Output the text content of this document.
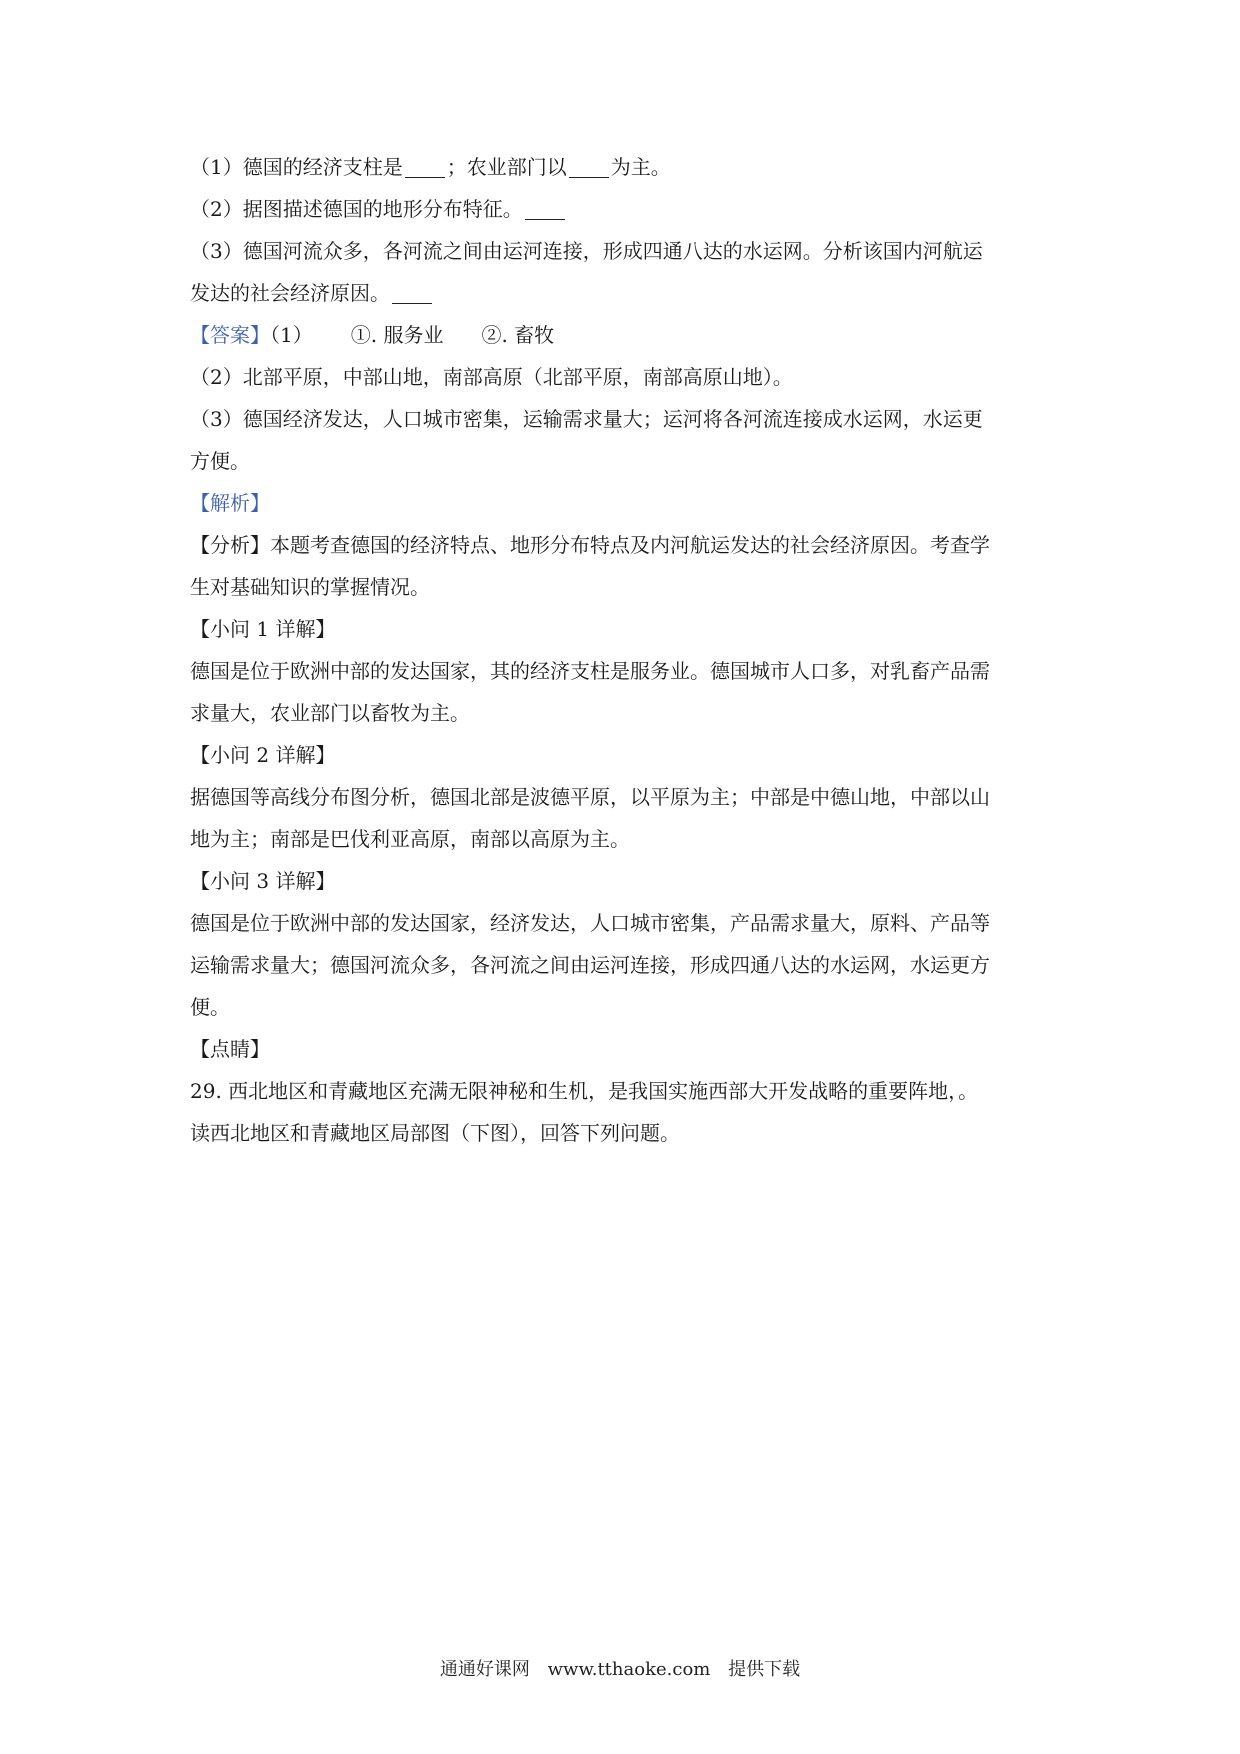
（1）德国的经济支柱是 ；农业部门以 为主。
（2）据图描述德国的地形分布特征。
（3）德国河流众多，各河流之间由运河连接，形成四通八达的水运网。分析该国内河航运
发达的社会经济原因。
【答案】（1） ①. 服务业 ②. 畜牧
（2）北部平原，中部山地，南部高原（北部平原，南部高原山地）。
（3）德国经济发达，人口城市密集，运输需求量大；运河将各河流连接成水运网，水运更
方便。
【解析】
【分析】本题考查德国的经济特点、地形分布特点及内河航运发达的社会经济原因。考查学
生对基础知识的掌握情况。
【小问 1 详解】
德国是位于欧洲中部的发达国家，其的经济支柱是服务业。德国城市人口多，对乳畜产品需
求量大，农业部门以畜牧为主。
【小问 2 详解】
据德国等高线分布图分析，德国北部是波德平原，以平原为主；中部是中德山地，中部以山
地为主；南部是巴伐利亚高原，南部以高原为主。
【小问 3 详解】
德国是位于欧洲中部的发达国家，经济发达，人口城市密集，产品需求量大，原料、产品等
运输需求量大；德国河流众多，各河流之间由运河连接，形成四通八达的水运网，水运更方
便。
【点睛】
29. 西北地区和青藏地区充满无限神秘和生机，是我国实施西部大开发战略的重要阵地，。
读西北地区和青藏地区局部图（下图），回答下列问题。
通通好课网 www.tthaoke.com 提供下载
